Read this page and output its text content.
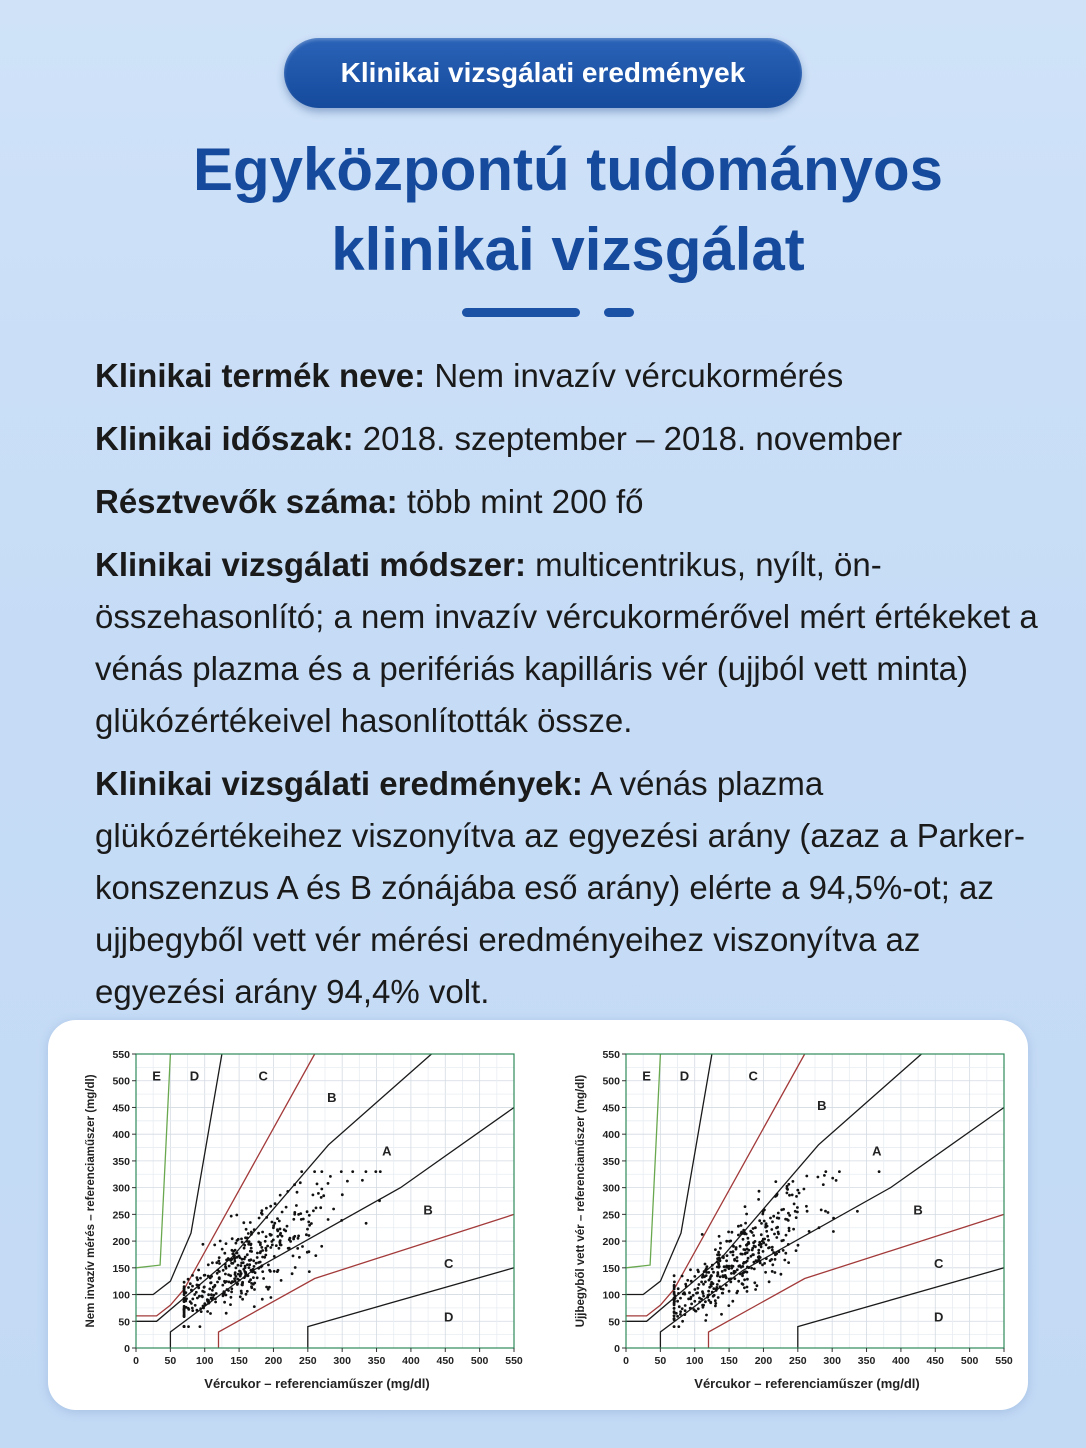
Klinikai vizsgálati eredmények
Egyközpontú tudományos
klinikai vizsgálat

Klinikai termék neve: Nem invazív vércukormérés

Klinikai időszak: 2018. szeptember – 2018. november

Résztvevők száma: több mint 200 fő

Klinikai vizsgálati módszer: multicentrikus, nyílt, ön-összehasonlító; a nem invazív vércukormérővel mért értékeket a vénás plazma és a perifériás kapilláris vér (ujjból vett minta) glükózértékeivel hasonlították össze.

Klinikai vizsgálati eredmények: A vénás plazma glükózértékeihez viszonyítva az egyezési arány (azaz a Parker-konszenzus A és B zónájába eső arány) elérte a 94,5%-ot; az ujjbegyből vett vér mérési eredményeihez viszonyítva az egyezési arány 94,4% volt.

E D	C
B
A
B
C
D
0 50 100 150 200 250 300 350 400 450 500 550
0
50
100
150
200
250
300
350
400
450
500
550
Vércukor – referenciaműszer (mg/dl)
Nem invazív mérés – referenciaműszer (mg/dl)	E D	C
B
A
B
C
D
0 50 100 150 200 250 300 350 400 450 500 550
0
50
100
150
200
250
300
350
400
450
500
550
Vércukor – referenciaműszer (mg/dl)
Ujjbegyből vett vér – referenciaműszer (mg/dl)
